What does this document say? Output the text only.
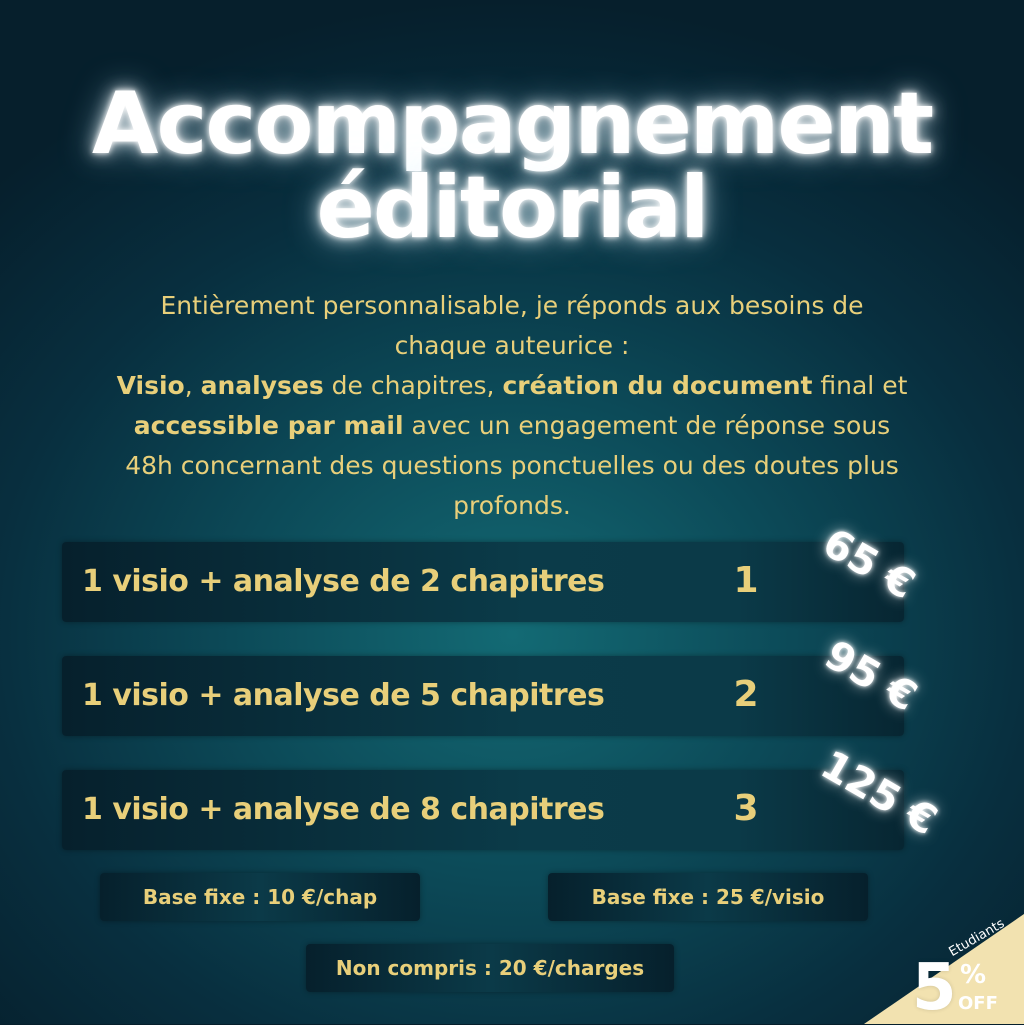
Accompagnement
éditorial
Entièrement personnalisable, je réponds aux besoins de
chaque auteurice :
Visio, analyses de chapitres, création du document final et
accessible par mail avec un engagement de réponse sous
48h concernant des questions ponctuelles ou des doutes plus
profonds.
1 visio + analyse de 2 chapitres	1 65 €
1 visio + analyse de 5 chapitres	2 95 €
1 visio + analyse de 8 chapitres	3 125 €
Base fixe : 10 €/chap	Base fixe : 25 €/visio
Non compris : 20 €/charges
Etudiants
5 %
OFF
